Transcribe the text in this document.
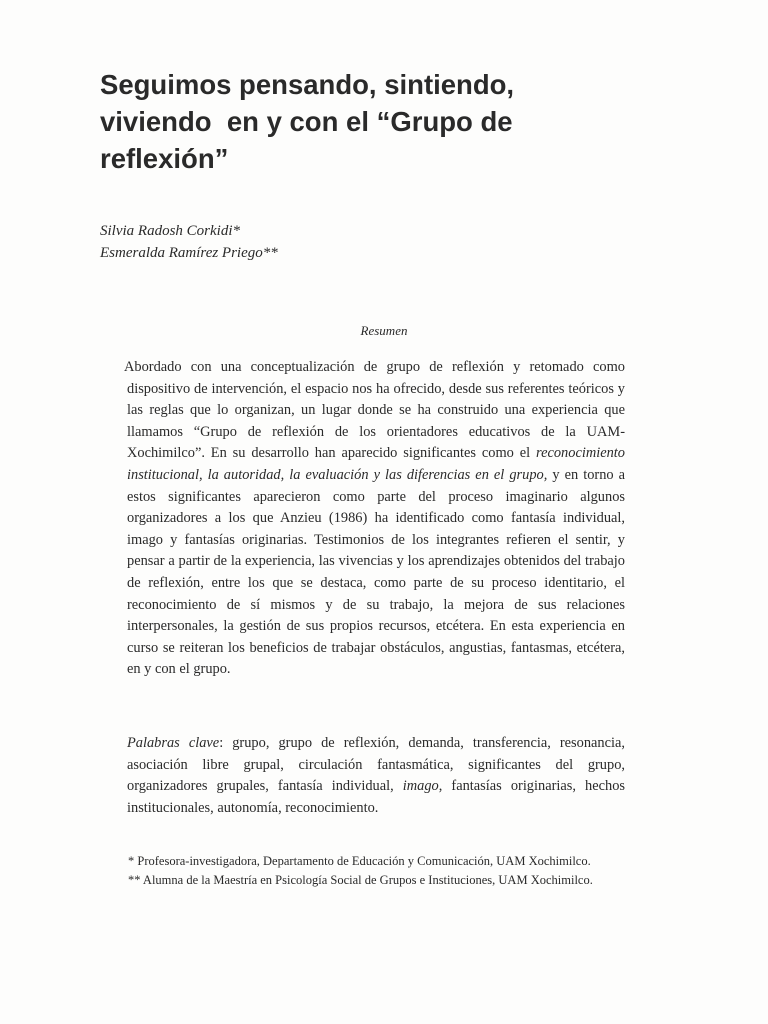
Seguimos pensando, sintiendo,
viviendo  en y con el “Grupo de
reflexión”
Silvia Radosh Corkidi*
Esmeralda Ramírez Priego**
Resumen

Abordado con una conceptualización de grupo de reflexión y retomado como dispositivo de intervención, el espacio nos ha ofrecido, desde sus referentes teóricos y las reglas que lo organizan, un lugar donde se ha construido una experiencia que llamamos “Grupo de reflexión de los orientadores educativos de la UAM-Xochimilco”. En su desarrollo han aparecido significantes como el reconocimiento institucional, la autoridad, la evaluación y las diferencias en el grupo, y en torno a estos significantes aparecieron como parte del proceso imaginario algunos organizadores a los que Anzieu (1986) ha identificado como fantasía individual, imago y fantasías originarias. Testimonios de los integrantes refieren el sentir, y pensar a partir de la experiencia, las vivencias y los aprendizajes obtenidos del trabajo de reflexión, entre los que se destaca, como parte de su proceso identitario, el reconocimiento de sí mismos y de su trabajo, la mejora de sus relaciones interpersonales, la gestión de sus propios recursos, etcétera. En esta experiencia en curso se reiteran los beneficios de trabajar obstáculos, angustias, fantasmas, etcétera, en y con el grupo.

Palabras clave: grupo, grupo de reflexión, demanda, transferencia, resonancia, asociación libre grupal, circulación fantasmática, significantes del grupo, organizadores grupales, fantasía individual, imago, fantasías originarias, hechos institucionales, autonomía, reconocimiento.

* Profesora-investigadora, Departamento de Educación y Comunicación, UAM Xochimilco.

** Alumna de la Maestría en Psicología Social de Grupos e Instituciones, UAM Xochimilco.
